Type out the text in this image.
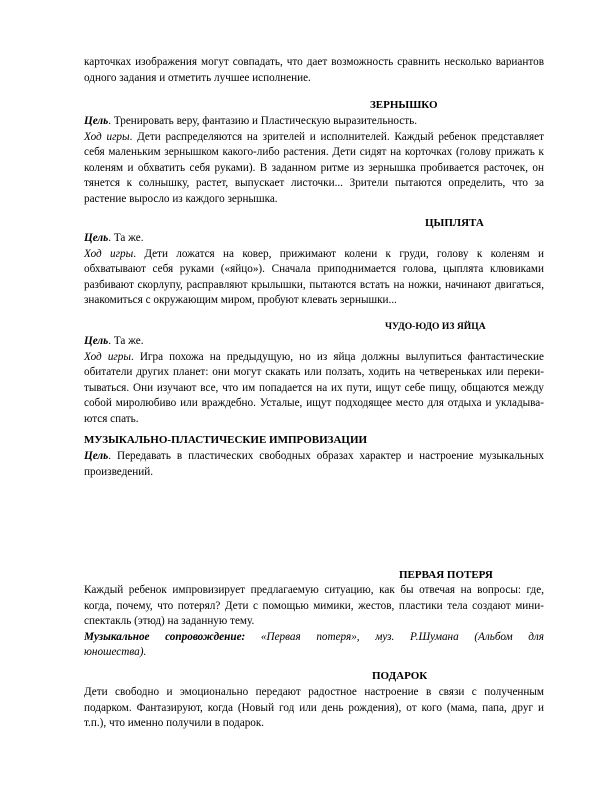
карточках изображения могут совпадать, что дает возможность сравнить несколько вариантов
одного задания и отметить лучшее исполнение.
ЗЕРНЫШКО
Цель. Тренировать веру, фантазию и Пластическую выразительность.
Ход игры. Дети распределяются на зрителей и исполнителей. Каждый ребенок представляет
себя маленьким зернышком какого-либо растения. Дети сидят на корточках (голову прижать к
коленям и обхватить себя руками). В заданном ритме из зернышка пробивается расточек, он
тянется к солнышку, растет, выпускает листочки... Зрители пытаются определить, что за
растение выросло из каждого зернышка.
ЦЫПЛЯТА
Цель. Та же.
Ход игры. Дети ложатся на ковер, прижимают колени к груди, голову к коленям и
обхватывают себя руками («яйцо»). Сначала приподнимается голова, цыплята клювиками
разбивают скорлупу, расправляют крылышки, пытаются встать на ножки, начинают двигаться,
знакомиться с окружающим миром, пробуют клевать зернышки...
ЧУДО-ЮДО ИЗ ЯЙЦА
Цель. Та же.
Ход игры. Игра похожа на предыдущую, но из яйца должны вылупиться фантастические
обитатели других планет: они могут скакать или ползать, ходить на четвереньках или переки-
тываться. Они изучают все, что им попадается на их пути, ищут себе пищу, общаются между
собой миролюбиво или враждебно. Усталые, ищут подходящее место для отдыха и укладыва-
ются спать.
МУЗЫКАЛЬНО-ПЛАСТИЧЕСКИЕ ИМПРОВИЗАЦИИ
Цель. Передавать в пластических свободных образах характер и настроение музыкальных
произведений.
ПЕРВАЯ ПОТЕРЯ
Каждый ребенок импровизирует предлагаемую ситуацию, как бы отвечая на вопросы: где,
когда, почему, что потерял? Дети с помощью мимики, жестов, пластики тела создают мини-
спектакль (этюд) на заданную тему.
Музыкальное сопровождение: «Первая потеря», муз. Р.Шумана (Альбом для
юношества).
ПОДАРОК
Дети свободно и эмоционально передают радостное настроение в связи с полученным
подарком. Фантазируют, когда (Новый год или день рождения), от кого (мама, папа, друг и
т.п.), что именно получили в подарок.
